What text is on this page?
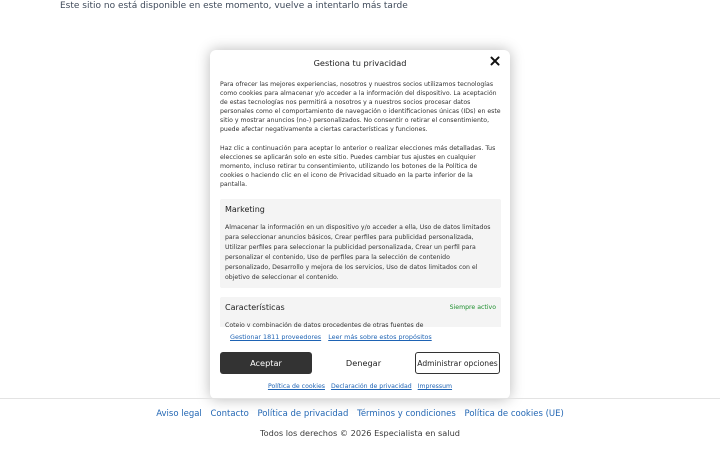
Este sitio no está disponible en este momento, vuelve a intentarlo más tarde
Gestiona tu privacidad

Para ofrecer las mejores experiencias, nosotros y nuestros socios utilizamos tecnologías como cookies para almacenar y/o acceder a la información del dispositivo. La aceptación de estas tecnologías nos permitirá a nosotros y a nuestros socios procesar datos personales como el comportamiento de navegación o identificaciones únicas (IDs) en este sitio y mostrar anuncios (no-) personalizados. No consentir o retirar el consentimiento, puede afectar negativamente a ciertas características y funciones.

Haz clic a continuación para aceptar lo anterior o realizar elecciones más detalladas. Tus elecciones se aplicarán solo en este sitio. Puedes cambiar tus ajustes en cualquier momento, incluso retirar tu consentimiento, utilizando los botones de la Política de cookies o haciendo clic en el icono de Privacidad situado en la parte inferior de la pantalla.

Marketing
Almacenar la información en un dispositivo y/o acceder a ella, Uso de datos limitados para seleccionar anuncios básicos, Crear perfiles para publicidad personalizada, Utilizar perfiles para seleccionar la publicidad personalizada, Crear un perfil para personalizar el contenido, Uso de perfiles para la selección de contenido personalizado, Desarrollo y mejora de los servicios, Uso de datos limitados con el objetivo de seleccionar el contenido.
Características	Siempre activo
Cotejo y combinación de datos procedentes de otras fuentes de
Gestionar 1811 proveedores Leer más sobre estos propósitos
Aceptar	Denegar	Administrar opciones
Política de cookies Declaración de privacidad Impressum
Aviso legal Contacto Política de privacidad Términos y condiciones Política de cookies (UE)
Todos los derechos © 2026 Especialista en salud
